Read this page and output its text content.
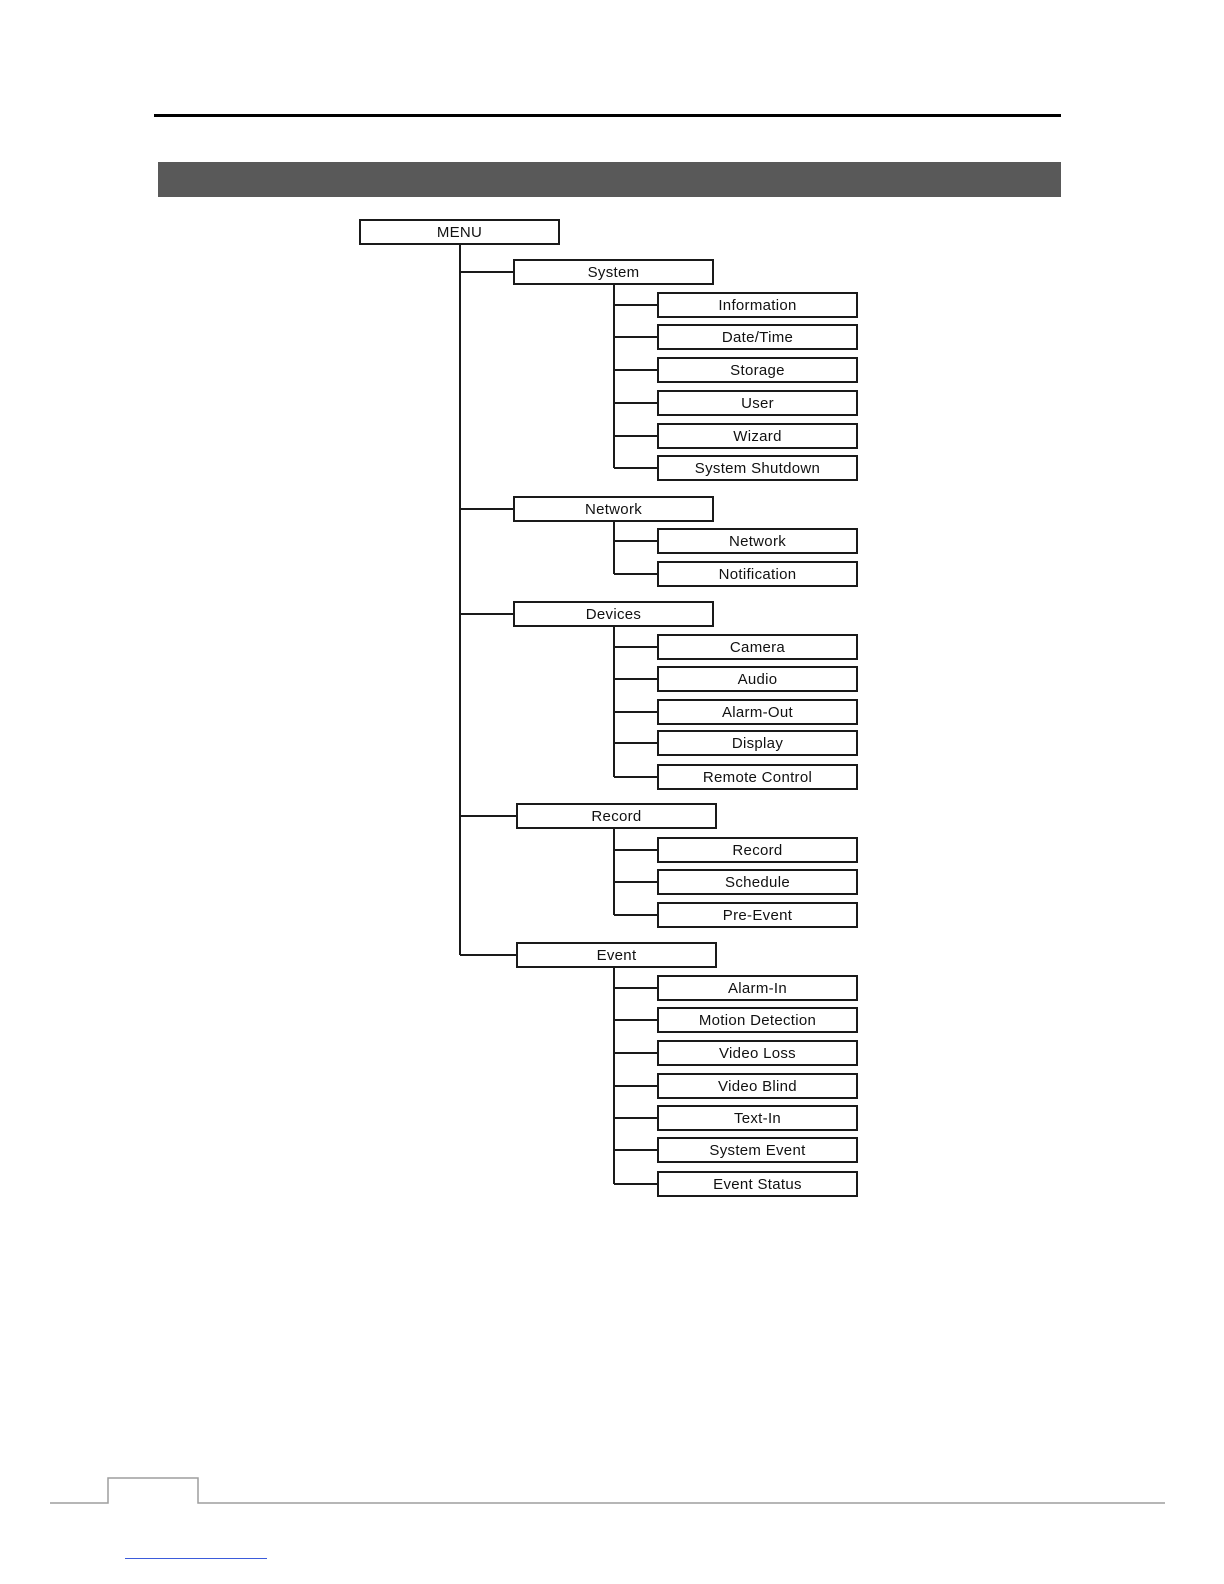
MENU
System
Information
Date/Time
Storage
User
Wizard
System Shutdown
Network
Network
Notification
Devices
Camera
Audio
Alarm-Out
Display
Remote Control
Record
Record
Schedule
Pre-Event
Event
Alarm-In
Motion Detection
Video Loss
Video Blind
Text-In
System Event
Event Status
